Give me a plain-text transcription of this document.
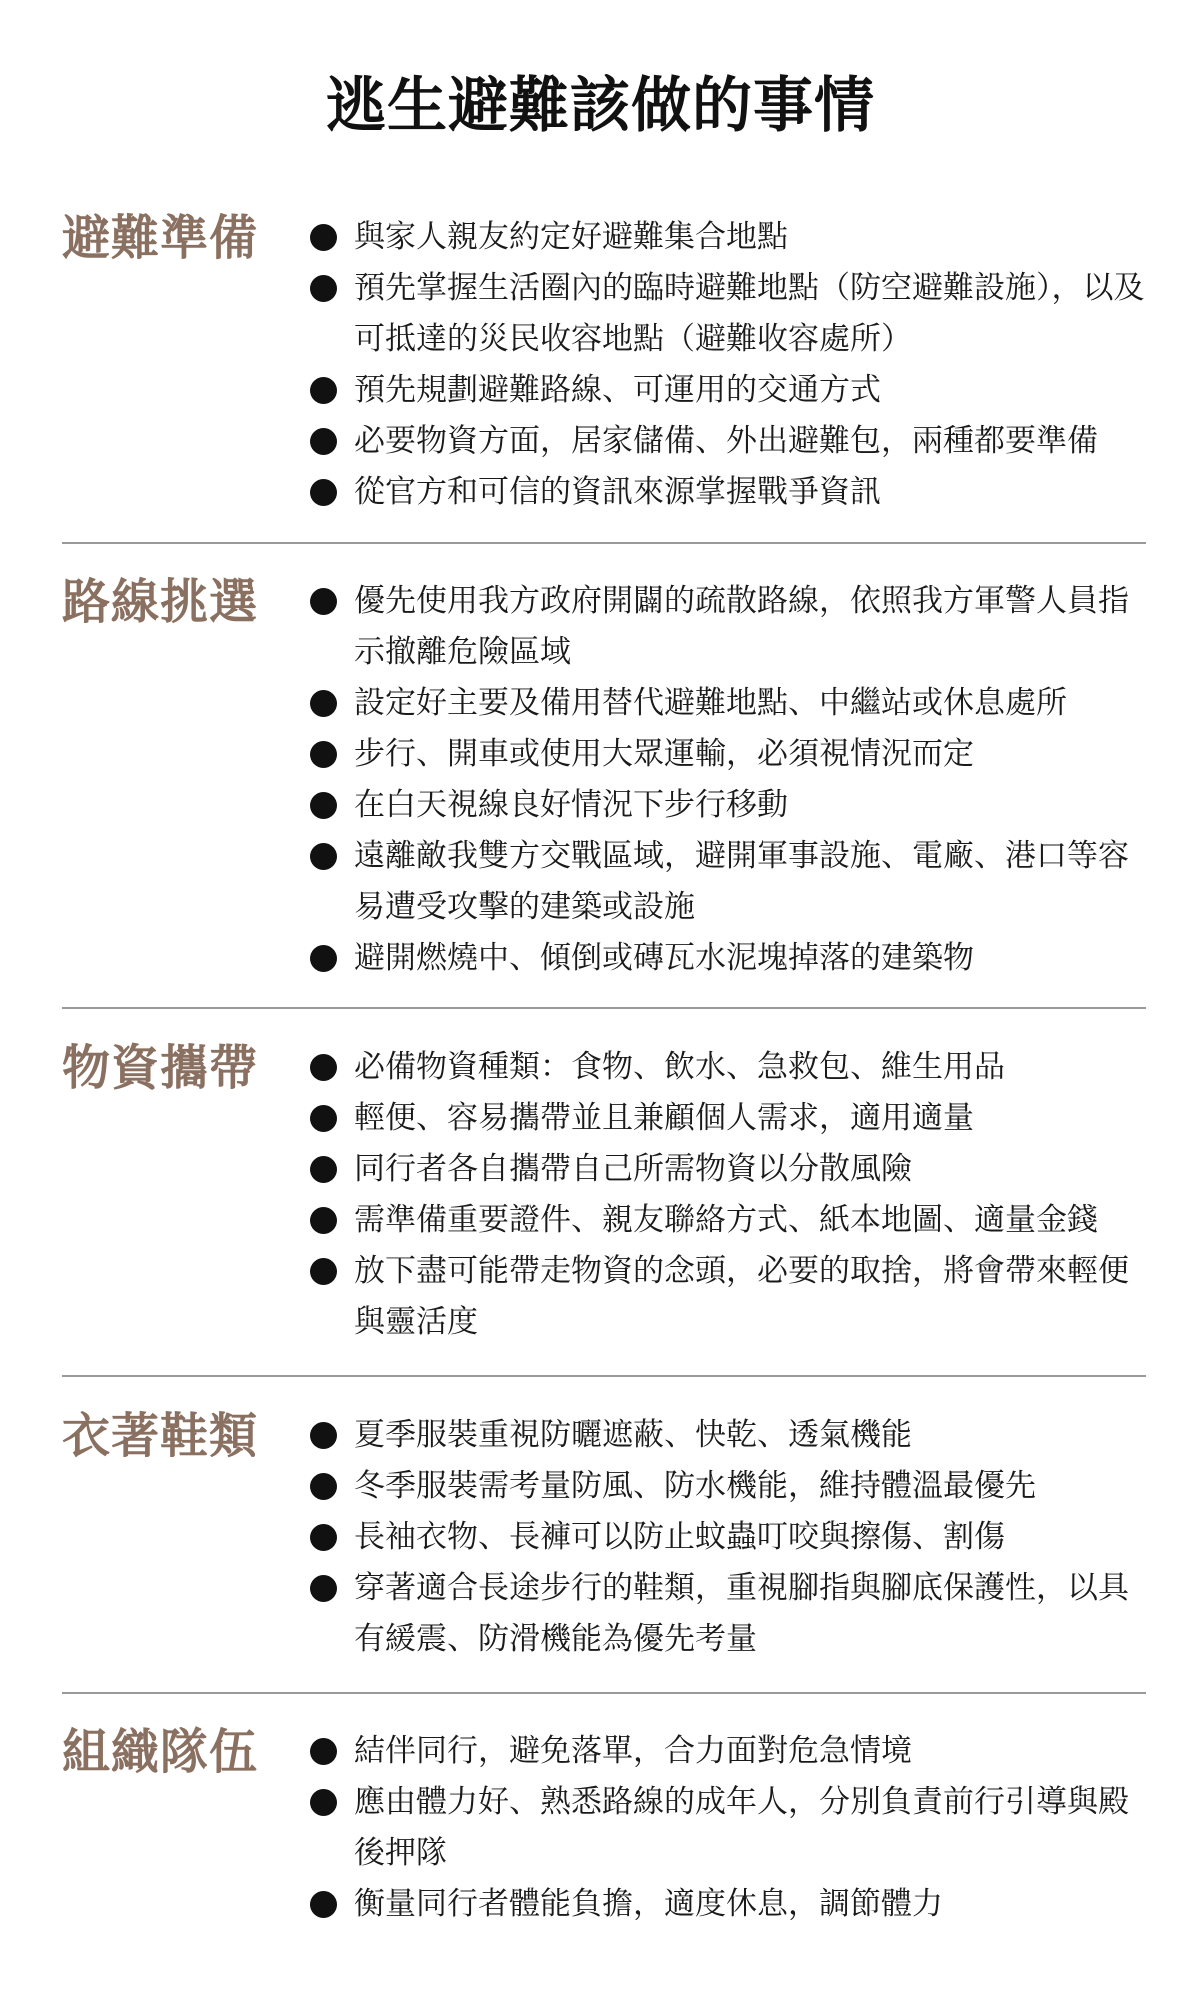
逃生避難該做的事情
避難準備	與家人親友約定好避難集合地點
預先掌握生活圈內的臨時避難地點（防空避難設施），以及可抵達的災民收容地點（避難收容處所）
預先規劃避難路線、可運用的交通方式
必要物資方面，居家儲備、外出避難包，兩種都要準備
從官方和可信的資訊來源掌握戰爭資訊
路線挑選	優先使用我方政府開闢的疏散路線，依照我方軍警人員指示撤離危險區域
設定好主要及備用替代避難地點、中繼站或休息處所
步行、開車或使用大眾運輸，必須視情況而定
在白天視線良好情況下步行移動
遠離敵我雙方交戰區域，避開軍事設施、電廠、港口等容易遭受攻擊的建築或設施
避開燃燒中、傾倒或磚瓦水泥塊掉落的建築物
物資攜帶	必備物資種類：食物、飲水、急救包、維生用品
輕便、容易攜帶並且兼顧個人需求，適用適量
同行者各自攜帶自己所需物資以分散風險
需準備重要證件、親友聯絡方式、紙本地圖、適量金錢
放下盡可能帶走物資的念頭，必要的取捨，將會帶來輕便與靈活度
衣著鞋類	夏季服裝重視防曬遮蔽、快乾、透氣機能
冬季服裝需考量防風、防水機能，維持體溫最優先
長袖衣物、長褲可以防止蚊蟲叮咬與擦傷、割傷
穿著適合長途步行的鞋類，重視腳指與腳底保護性，以具有緩震、防滑機能為優先考量
組織隊伍	結伴同行，避免落單，合力面對危急情境
應由體力好、熟悉路線的成年人，分別負責前行引導與殿後押隊
衡量同行者體能負擔，適度休息，調節體力
